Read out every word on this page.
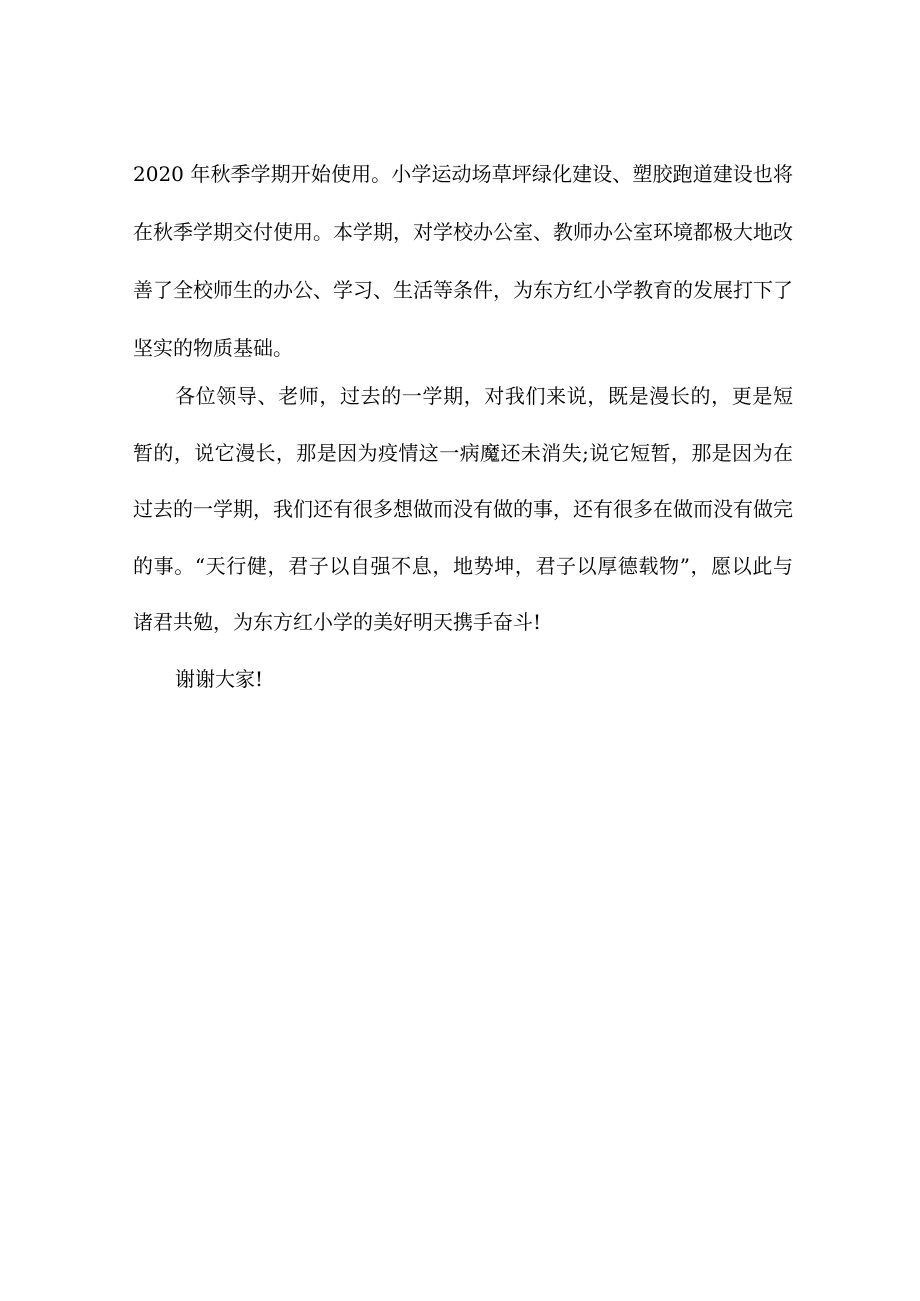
2020 年秋季学期开始使用。小学运动场草坪绿化建设、塑胶跑道建设也将
在秋季学期交付使用。本学期，对学校办公室、教师办公室环境都极大地改
善了全校师生的办公、学习、生活等条件，为东方红小学教育的发展打下了
坚实的物质基础。
各位领导、老师，过去的一学期，对我们来说，既是漫长的，更是短
暂的，说它漫长，那是因为疫情这一病魔还未消失;说它短暂，那是因为在
过去的一学期，我们还有很多想做而没有做的事，还有很多在做而没有做完
的事。“天行健，君子以自强不息，地势坤，君子以厚德载物”，愿以此与
诸君共勉，为东方红小学的美好明天携手奋斗!
谢谢大家!
